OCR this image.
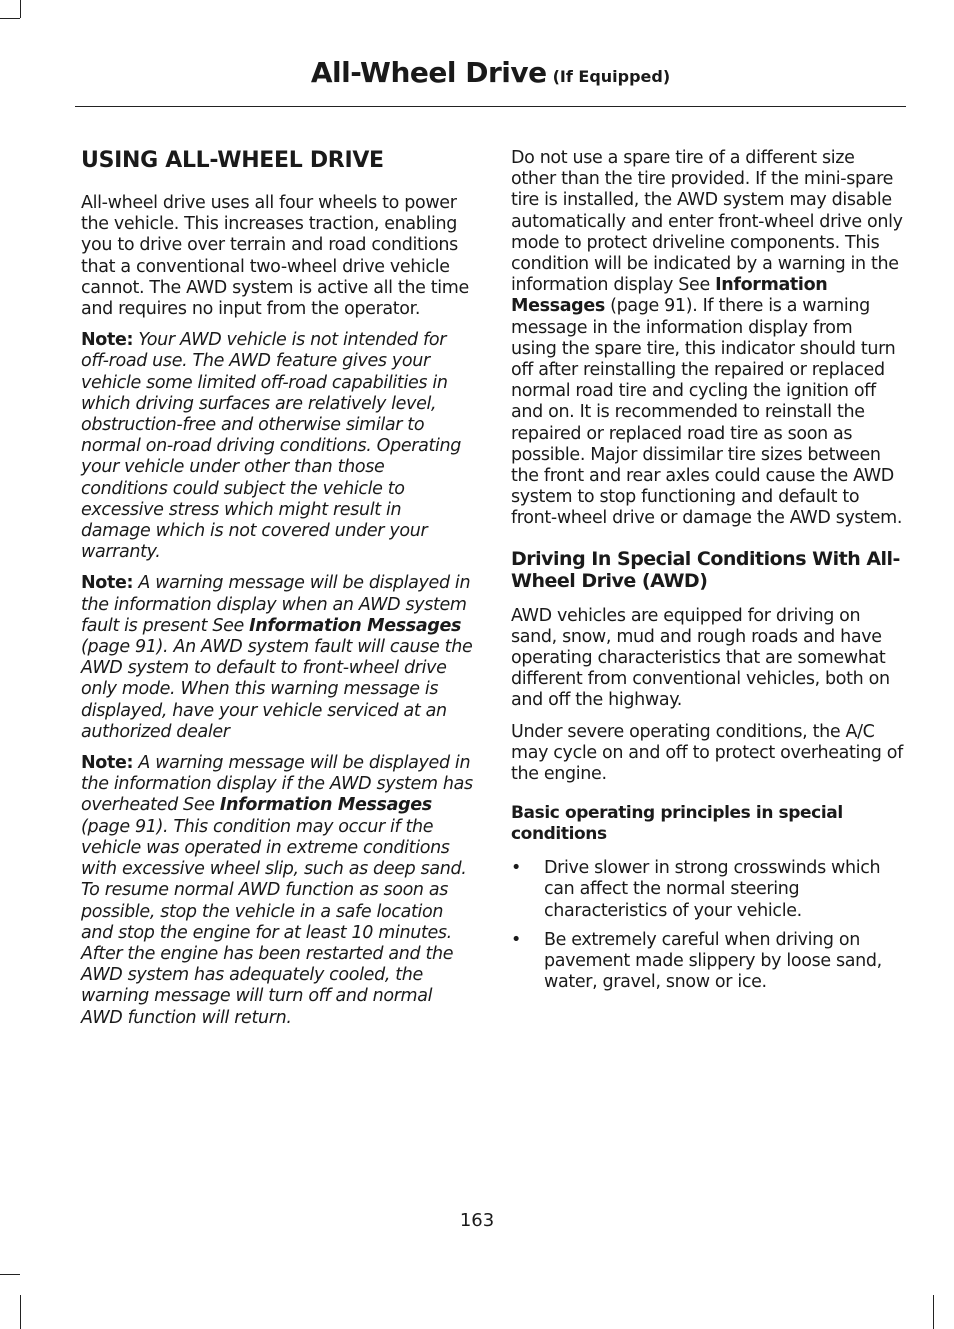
All-Wheel Drive (If Equipped)
USING ALL-WHEEL DRIVE

All-wheel drive uses all four wheels to power the vehicle. This increases traction, enabling you to drive over terrain and road conditions that a conventional two-wheel drive vehicle cannot. The AWD system is active all the time and requires no input from the operator.

Note: Your AWD vehicle is not intended for off-road use. The AWD feature gives your vehicle some limited off-road capabilities in which driving surfaces are relatively level, obstruction-free and otherwise similar to normal on-road driving conditions. Operating your vehicle under other than those conditions could subject the vehicle to excessive stress which might result in damage which is not covered under your warranty.

Note: A warning message will be displayed in the information display when an AWD system fault is present See Information Messages (page 91). An AWD system fault will cause the AWD system to default to front-wheel drive only mode. When this warning message is displayed, have your vehicle serviced at an authorized dealer

Note: A warning message will be displayed in the information display if the AWD system has overheated See Information Messages (page 91). This condition may occur if the vehicle was operated in extreme conditions with excessive wheel slip, such as deep sand. To resume normal AWD function as soon as possible, stop the vehicle in a safe location and stop the engine for at least 10 minutes. After the engine has been restarted and the AWD system has adequately cooled, the warning message will turn off and normal AWD function will return.

Do not use a spare tire of a different size other than the tire provided. If the mini-spare tire is installed, the AWD system may disable automatically and enter front-wheel drive only mode to protect driveline components. This condition will be indicated by a warning in the information display See Information Messages (page 91). If there is a warning message in the information display from using the spare tire, this indicator should turn off after reinstalling the repaired or replaced normal road tire and cycling the ignition off and on. It is recommended to reinstall the repaired or replaced road tire as soon as possible. Major dissimilar tire sizes between the front and rear axles could cause the AWD system to stop functioning and default to front-wheel drive or damage the AWD system.

Driving In Special Conditions With All-Wheel Drive (AWD)

AWD vehicles are equipped for driving on sand, snow, mud and rough roads and have operating characteristics that are somewhat different from conventional vehicles, both on and off the highway.

Under severe operating conditions, the A/C may cycle on and off to protect overheating of the engine.

Basic operating principles in special conditions
• Drive slower in strong crosswinds which can affect the normal steering characteristics of your vehicle.
• Be extremely careful when driving on pavement made slippery by loose sand, water, gravel, snow or ice.
163
